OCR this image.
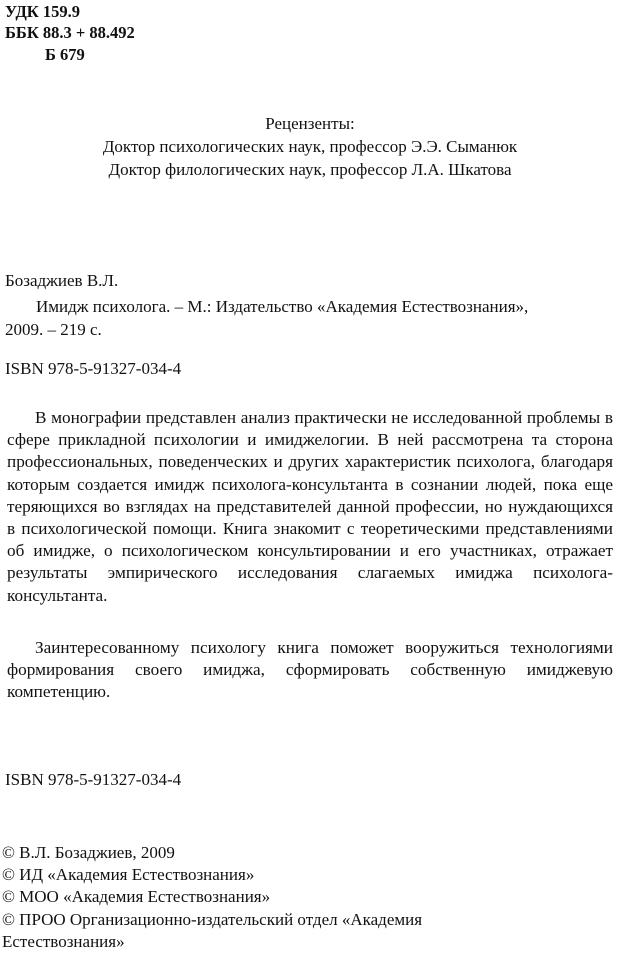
УДК 159.9
ББК 88.3 + 88.492
Б 679
Рецензенты:
Доктор психологических наук, профессор Э.Э. Сыманюк
Доктор филологических наук, профессор Л.А. Шкатова
Бозаджиев В.Л.
Имидж психолога. – М.: Издательство «Академия Естествознания»,
2009. – 219 с.
ISBN 978-5-91327-034-4
В монографии представлен анализ практически не исследованной проблемы в сфере прикладной психологии и имиджелогии. В ней рассмотрена та сторона профессиональных, поведенческих и других характеристик психолога, благодаря которым создается имидж психолога-консультанта в сознании людей, пока еще теряющихся во взглядах на представителей данной профессии, но нуждающихся в психологической помощи. Книга знакомит с теоретическими представлениями об имидже, о психологическом консультировании и его участниках, отражает результаты эмпирического исследования слагаемых имиджа психолога-консультанта.
Заинтересованному психологу книга поможет вооружиться технологиями формирования своего имиджа, сформировать собственную имиджевую компетенцию.
ISBN 978-5-91327-034-4
© В.Л. Бозаджиев, 2009
© ИД «Академия Естествознания»
© МОО «Академия Естествознания»
© ПРОО Организационно-издательский отдел «Академия
Естествознания»
